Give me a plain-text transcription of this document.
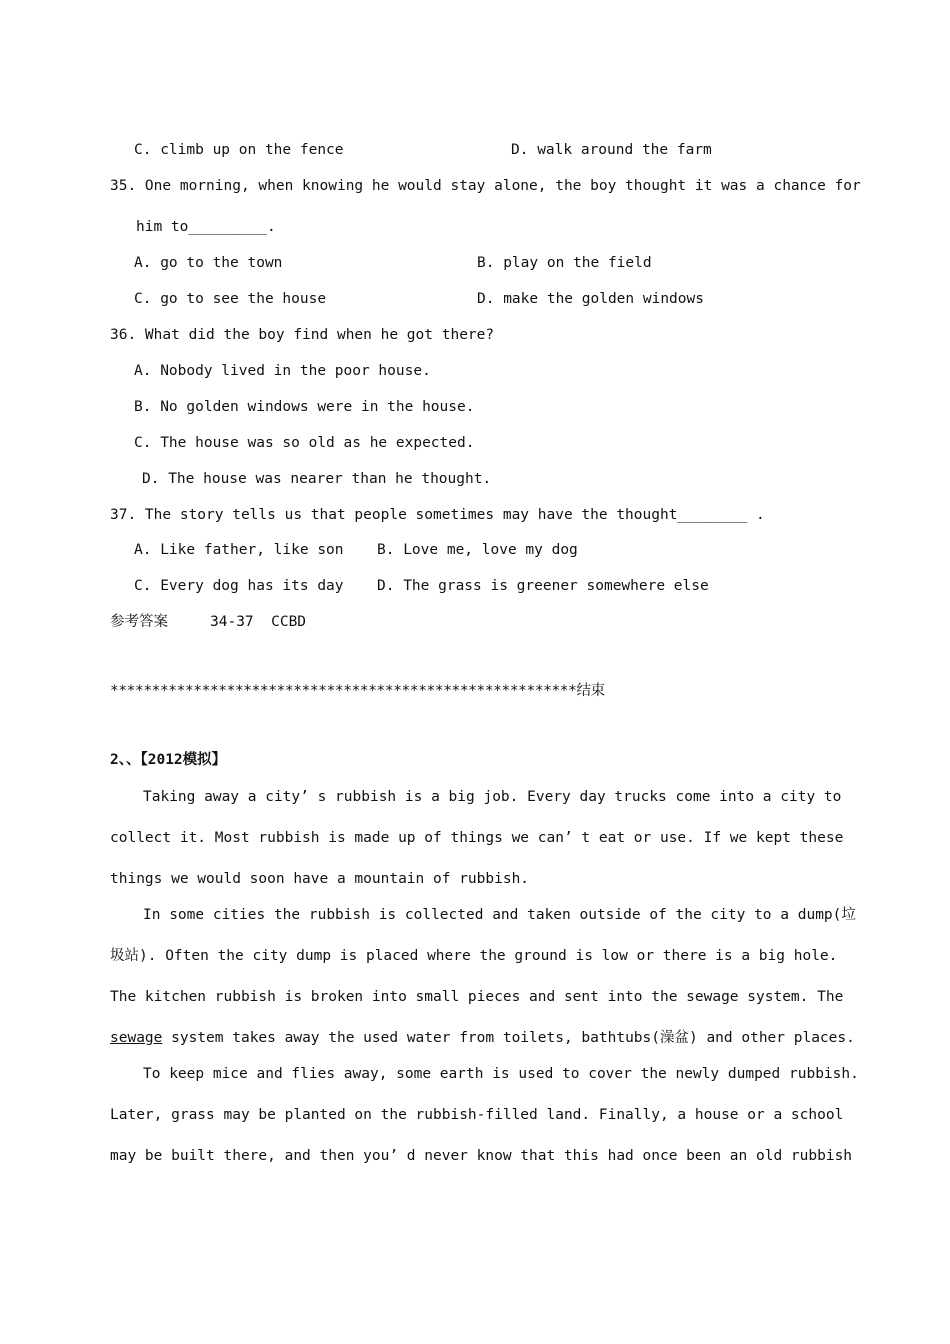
C. climb up on the fence	D. walk around the farm
35. One morning, when knowing he would stay alone, the boy thought it was a chance for
him to_________.
A. go to the town	B. play on the field
C. go to see the house	D. make the golden windows
36. What did the boy find when he got there?
A. Nobody lived in the poor house.
B. No golden windows were in the house.
C. The house was so old as he expected.
D. The house was nearer than he thought.
37. The story tells us that people sometimes may have the thought________ .
A. Like father, like son B. Love me, love my dog
C. Every dog has its day D. The grass is greener somewhere else
参考答案	34-37  CCBD
********************************************************结束
2、、【2012模拟】
Taking away a city’ s rubbish is a big job. Every day trucks come into a city to
collect it. Most rubbish is made up of things we can’ t eat or use. If we kept these
things we would soon have a mountain of rubbish.
In some cities the rubbish is collected and taken outside of the city to a dump(垃
圾站). Often the city dump is placed where the ground is low or there is a big hole.
The kitchen rubbish is broken into small pieces and sent into the sewage system. The
sewage system takes away the used water from toilets, bathtubs(澡盆) and other places.
To keep mice and flies away, some earth is used to cover the newly dumped rubbish.
Later, grass may be planted on the rubbish-filled land. Finally, a house or a school
may be built there, and then you’ d never know that this had once been an old rubbish
